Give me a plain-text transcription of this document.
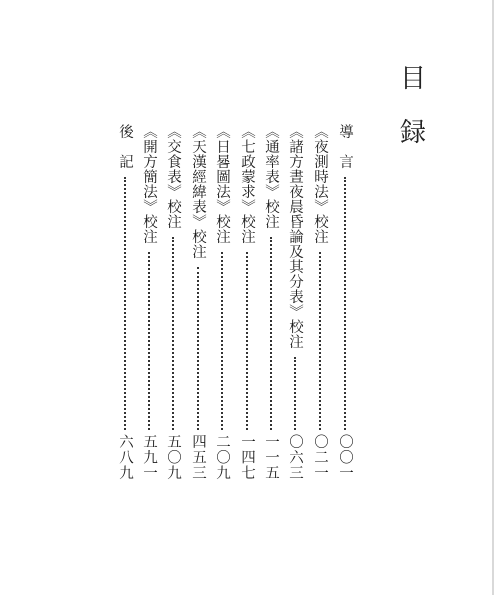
目
録
導　言
〇〇一
《夜測時法》校注
〇二一
《諸方晝夜晨昏論及其分表》校注
〇六三
《通率表》校注
一一五
《七政蒙求》校注
一四七
《日晷圖法》校注
二〇九
《天漢經緯表》校注
四五三
《交食表》校注
五〇九
《開方簡法》校注
五九一
後　記
六八九
